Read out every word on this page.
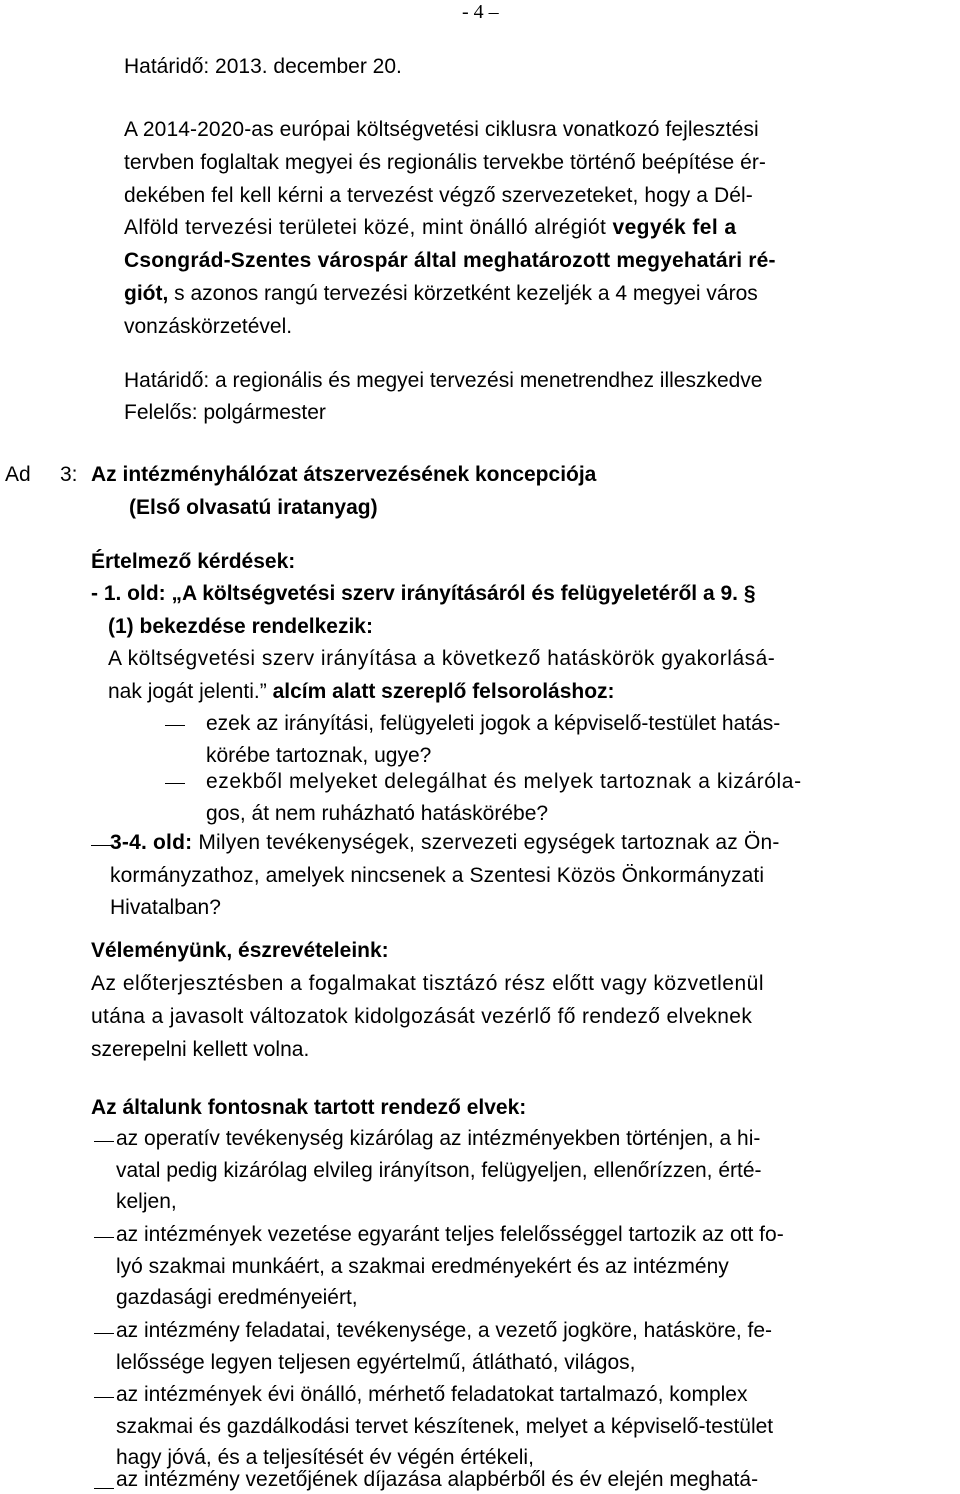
- 4 –
Határidő: 2013. december 20.
A 2014-2020-as európai költségvetési ciklusra vonatkozó fejlesztési
tervben foglaltak megyei és regionális tervekbe történő beépítése ér-
dekében fel kell kérni a tervezést végző szervezeteket, hogy a Dél-
Alföld tervezési területei közé, mint önálló alrégiót vegyék fel a
Csongrád-Szentes várospár által meghatározott megyehatári ré-
giót, s azonos rangú tervezési körzetként kezeljék a 4 megyei város
vonzáskörzetével.
Határidő: a regionális és megyei tervezési menetrendhez illeszkedve
Felelős: polgármester
Ad 3: Az intézményhálózat átszervezésének koncepciója
(Első olvasatú iratanyag)
Értelmező kérdések:
- 1. old: „A költségvetési szerv irányításáról és felügyeletéről a 9. §
(1) bekezdése rendelkezik:
A költségvetési szerv irányítása a következő hatáskörök gyakorlásá-
nak jogát jelenti.” alcím alatt szereplő felsoroláshoz:
ezek az irányítási, felügyeleti jogok a képviselő-testület hatás-
körébe tartoznak, ugye?
ezekből melyeket delegálhat és melyek tartoznak a kizáróla-
gos, át nem ruházható hatáskörébe?
3-4. old: Milyen tevékenységek, szervezeti egységek tartoznak az Ön-
kormányzathoz, amelyek nincsenek a Szentesi Közös Önkormányzati
Hivatalban?
Véleményünk, észrevételeink:
Az előterjesztésben a fogalmakat tisztázó rész előtt vagy közvetlenül
utána a javasolt változatok kidolgozását vezérlő fő rendező elveknek
szerepelni kellett volna.
Az általunk fontosnak tartott rendező elvek:
az operatív tevékenység kizárólag az intézményekben történjen, a hi-
vatal pedig kizárólag elvileg irányítson, felügyeljen, ellenőrízzen, érté-
keljen,
az intézmények vezetése egyaránt teljes felelősséggel tartozik az ott fo-
lyó szakmai munkáért, a szakmai eredményekért és az intézmény
gazdasági eredményeiért,
az intézmény feladatai, tevékenysége, a vezető jogköre, hatásköre, fe-
lelőssége legyen teljesen egyértelmű, átlátható, világos,
az intézmények évi önálló, mérhető feladatokat tartalmazó, komplex
szakmai és gazdálkodási tervet készítenek, melyet a képviselő-testület
hagy jóvá, és a teljesítését év végén értékeli,
az intézmény vezetőjének díjazása alapbérből és év elején meghatá-
